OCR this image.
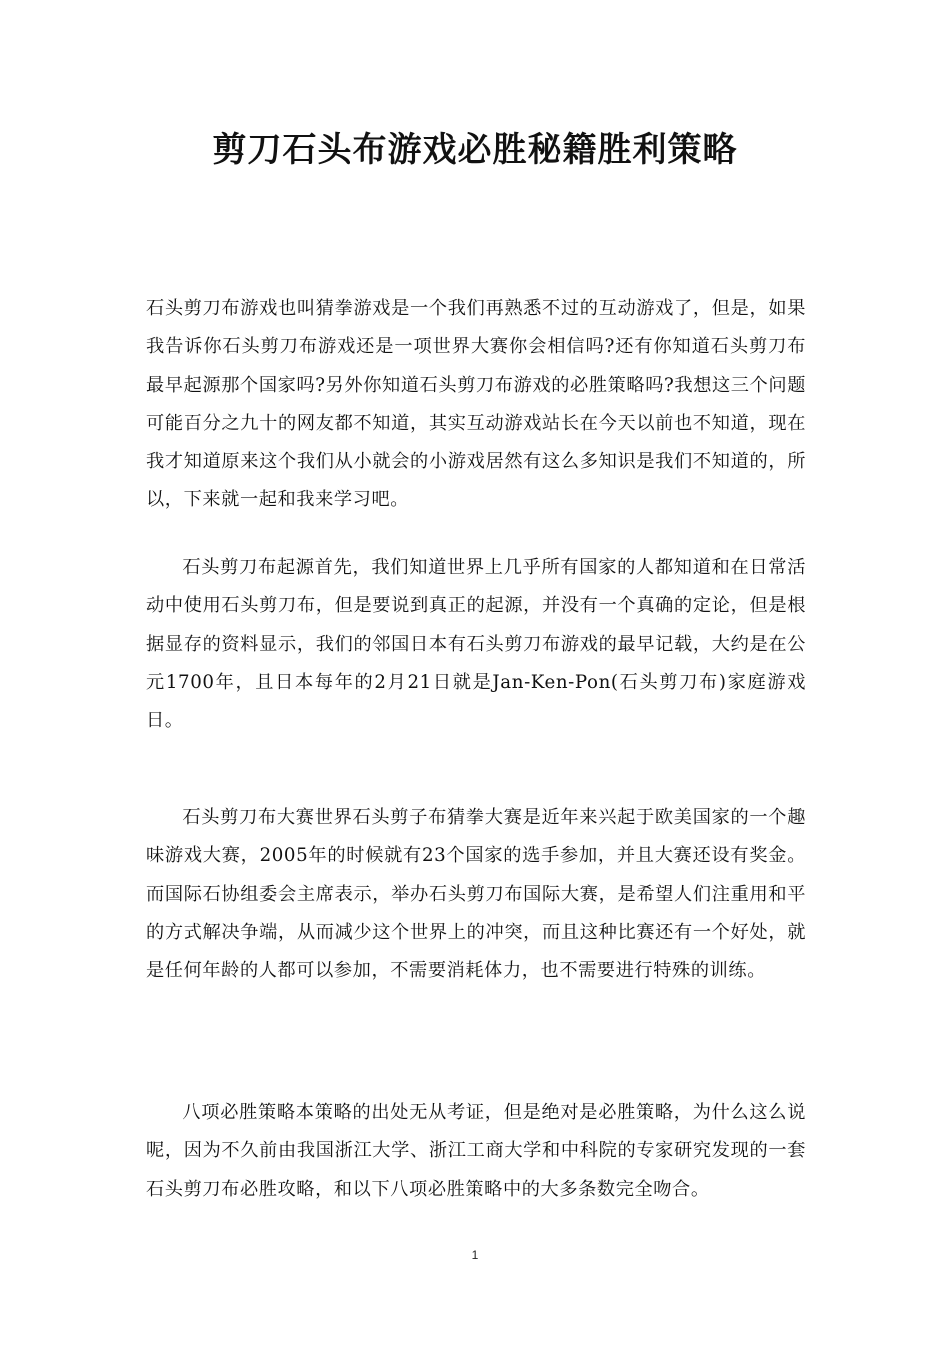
剪刀石头布游戏必胜秘籍胜利策略

石头剪刀布游戏也叫猜拳游戏是一个我们再熟悉不过的互动游戏了，但是，如果我告诉你石头剪刀布游戏还是一项世界大赛你会相信吗?还有你知道石头剪刀布最早起源那个国家吗?另外你知道石头剪刀布游戏的必胜策略吗?我想这三个问题可能百分之九十的网友都不知道，其实互动游戏站长在今天以前也不知道，现在我才知道原来这个我们从小就会的小游戏居然有这么多知识是我们不知道的，所以，下来就一起和我来学习吧。

石头剪刀布起源首先，我们知道世界上几乎所有国家的人都知道和在日常活动中使用石头剪刀布，但是要说到真正的起源，并没有一个真确的定论，但是根据显存的资料显示，我们的邻国日本有石头剪刀布游戏的最早记载，大约是在公元1700年，且日本每年的2月21日就是Jan-Ken-Pon(石头剪刀布)家庭游戏日。

石头剪刀布大赛世界石头剪子布猜拳大赛是近年来兴起于欧美国家的一个趣味游戏大赛，2005年的时候就有23个国家的选手参加，并且大赛还设有奖金。而国际石协组委会主席表示，举办石头剪刀布国际大赛，是希望人们注重用和平的方式解决争端，从而减少这个世界上的冲突，而且这种比赛还有一个好处，就是任何年龄的人都可以参加，不需要消耗体力，也不需要进行特殊的训练。

八项必胜策略本策略的出处无从考证，但是绝对是必胜策略，为什么这么说呢，因为不久前由我国浙江大学、浙江工商大学和中科院的专家研究发现的一套石头剪刀布必胜攻略，和以下八项必胜策略中的大多条数完全吻合。

1
